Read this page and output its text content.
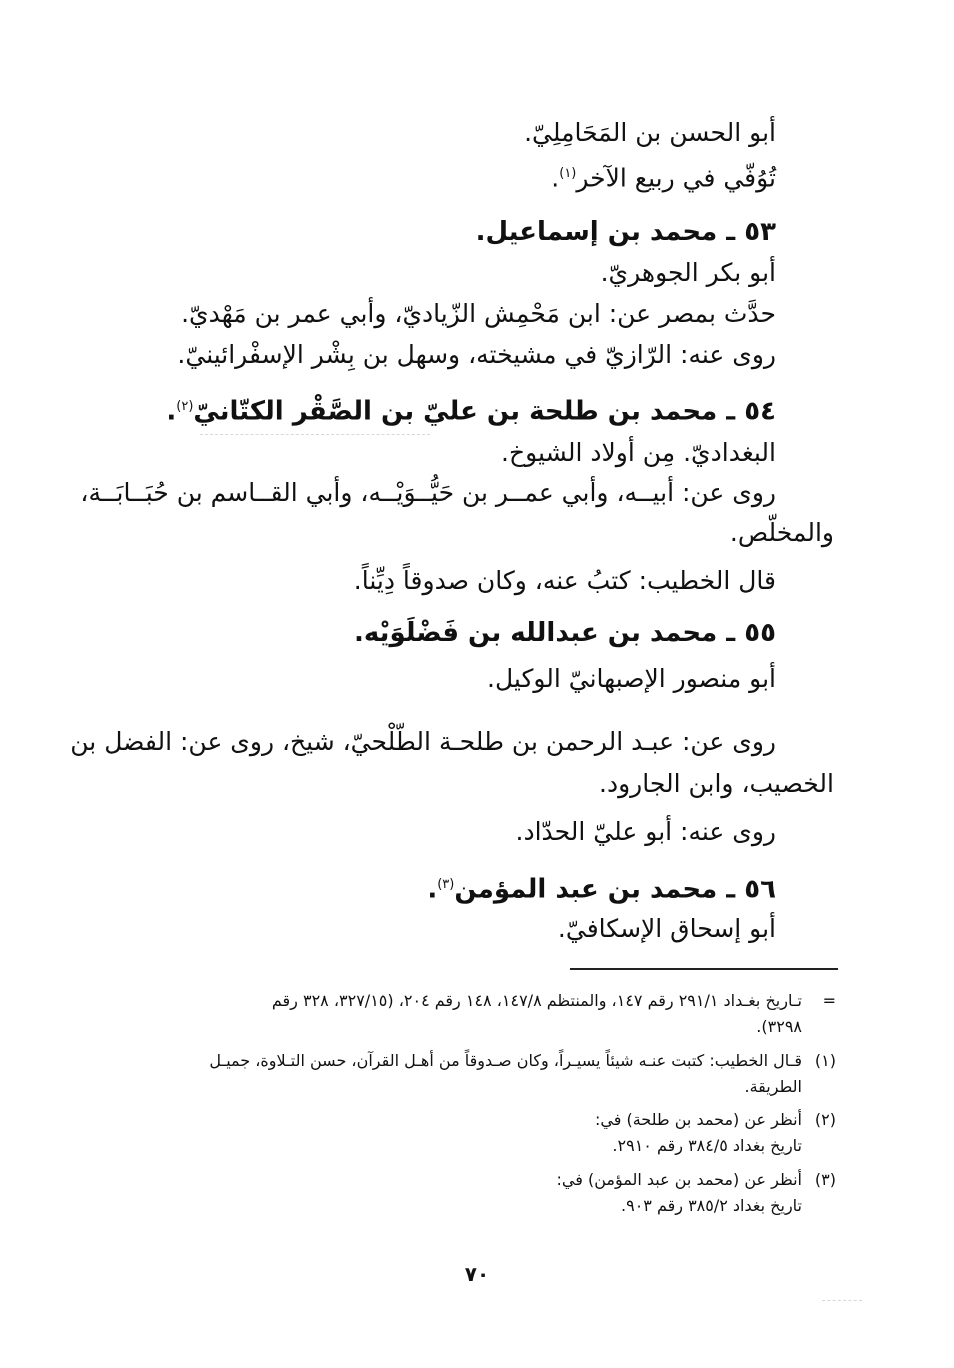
أبو الحسن بن المَحَامِلِيّ.
تُوُفّي في ربيع الآخر$^{(١)}$.
٥٣ ـ محمد بن إسماعيل.
أبو بكر الجوهريّ.
حدَّث بمصر عن: ابن مَحْمِش الزّياديّ، وأبي عمر بن مَهْديّ.
روى عنه: الرّازيّ في مشيخته، وسهل بن بِشْر الإسفْرائينيّ.
٥٤ ـ محمد بن طلحة بن عليّ بن الصَّقْر الكتّانيّ$^{(٢)}$.
البغداديّ. مِن أولاد الشيوخ.
روى عن: أبيــه، وأبي عمــر بن حَيُّــوَيْــه، وأبي القــاسم بن حُبَــابَــة،
والمخلّص.
قال الخطيب: كتبُ عنه، وكان صدوقاً دِيِّناً.
٥٥ ـ محمد بن عبدالله بن فَضْلَوَيْه.
أبو منصور الإصبهانيّ الوكيل.
روى عن: عبـد الرحمن بن طلحـة الطّلْحيّ، شيخ، روى عن: الفضل بن
الخصيب، وابن الجارود.
روى عنه: أبو عليّ الحدّاد.
٥٦ ـ محمد بن عبد المؤمن$^{(٣)}$.
أبو إسحاق الإسكافيّ.
=
تـاريخ بغـداد ٢٩١/١ رقم ١٤٧، والمنتظم ١٤٧/٨، ١٤٨ رقم ٢٠٤، (٣٢٧/١٥، ٣٢٨ رقم
٣٢٩٨).
(١)
قـال الخطيب: كتبت عنـه شيئاً يسيـراً، وكان صـدوقاً من أهـل القرآن، حسن التـلاوة، جميـل
الطريقة.
(٢)
أنظر عن (محمد بن طلحة) في:
تاريخ بغداد ٣٨٤/٥ رقم ٢٩١٠.
(٣)
أنظر عن (محمد بن عبد المؤمن) في:
تاريخ بغداد ٣٨٥/٢ رقم ٩٠٣.
٧٠
